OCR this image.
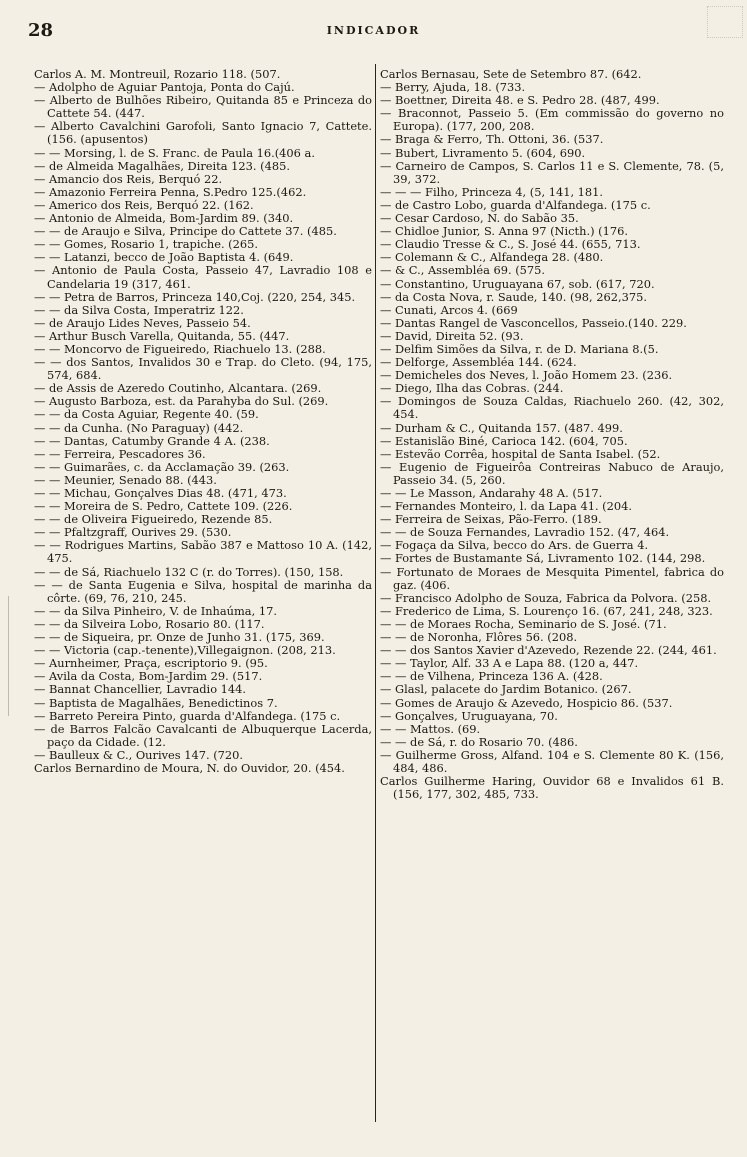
28	INDICADOR

Carlos A. M. Montreuil, Rozario 118. (507.

— Adolpho de Aguiar Pantoja, Ponta do Cajú.

— Alberto de Bulhões Ribeiro, Quitanda 85 e Princeza do Cattete 54. (447.

— Alberto Cavalchini Garofoli, Santo Ignacio 7, Cattete. (156. (apusentos)

— — Morsing, l. de S. Franc. de Paula 16.(406 a.

— de Almeida Magalhães, Direita 123. (485.

— Amancio dos Reis, Berquó 22.

— Amazonio Ferreira Penna, S.Pedro 125.(462.

— Americo dos Reis, Berquó 22. (162.

— Antonio de Almeida, Bom-Jardim 89. (340.

— — de Araujo e Silva, Principe do Cattete 37. (485.

— — Gomes, Rosario 1, trapiche. (265.

— — Latanzi, becco de João Baptista 4. (649.

— Antonio de Paula Costa, Passeio 47, Lavradio 108 e Candelaria 19 (317, 461.

— — Petra de Barros, Princeza 140,Coj. (220, 254, 345.

— — da Silva Costa, Imperatriz 122.

— de Araujo Lides Neves, Passeio 54.

— Arthur Busch Varella, Quitanda, 55. (447.

— — Moncorvo de Figueiredo, Riachuelo 13. (288.

— — dos Santos, Invalidos 30 e Trap. do Cleto. (94, 175, 574, 684.

— de Assis de Azeredo Coutinho, Alcantara. (269.

— Augusto Barboza, est. da Parahyba do Sul. (269.

— — da Costa Aguiar, Regente 40. (59.

— — da Cunha. (No Paraguay) (442.

— — Dantas, Catumby Grande 4 A. (238.

— — Ferreira, Pescadores 36.

— — Guimarães, c. da Acclamação 39. (263.

— — Meunier, Senado 88. (443.

— — Michau, Gonçalves Dias 48. (471, 473.

— — Moreira de S. Pedro, Cattete 109. (226.

— — de Oliveira Figueiredo, Rezende 85.

— — Pfaltzgraff, Ourives 29. (530.

— — Rodrigues Martins, Sabão 387 e Mattoso 10 A. (142, 475.

— — de Sá, Riachuelo 132 C (r. do Torres). (150, 158.

— — de Santa Eugenia e Silva, hospital de marinha da côrte. (69, 76, 210, 245.

— — da Silva Pinheiro, V. de Inhaúma, 17.

— — da Silveira Lobo, Rosario 80. (117.

— — de Siqueira, pr. Onze de Junho 31. (175, 369.

— — Victoria (cap.-tenente),Villegaignon. (208, 213.

— Aurnheimer, Praça, escriptorio 9. (95.

— Avila da Costa, Bom-Jardim 29. (517.

— Bannat Chancellier, Lavradio 144.

— Baptista de Magalhães, Benedictinos 7.

— Barreto Pereira Pinto, guarda d'Alfandega. (175 c.

— de Barros Falcão Cavalcanti de Albuquerque Lacerda, paço da Cidade. (12.

— Baulleux & C., Ourives 147. (720.

Carlos Bernardino de Moura, N. do Ouvidor, 20. (454.

Carlos Bernasau, Sete de Setembro 87. (642.

— Berry, Ajuda, 18. (733.

— Boettner, Direita 48. e S. Pedro 28. (487, 499.

— Braconnot, Passeio 5. (Em commissão do governo no Europa). (177, 200, 208.

— Braga & Ferro, Th. Ottoni, 36. (537.

— Bubert, Livramento 5. (604, 690.

— Carneiro de Campos, S. Carlos 11 e S. Clemente, 78. (5, 39, 372.

— — — Filho, Princeza 4, (5, 141, 181.

— de Castro Lobo, guarda d'Alfandega. (175 c.

— Cesar Cardoso, N. do Sabão 35.

— Chidloe Junior, S. Anna 97 (Nicth.) (176.

— Claudio Tresse & C., S. José 44. (655, 713.

— Colemann & C., Alfandega 28. (480.

— & C., Assembléa 69. (575.

— Constantino, Uruguayana 67, sob. (617, 720.

— da Costa Nova, r. Saude, 140. (98, 262,375.

— Cunati, Arcos 4. (669

— Dantas Rangel de Vasconcellos, Passeio.(140. 229.

— David, Direita 52. (93.

— Delfim Simões da Silva, r. de D. Mariana 8.(5.

— Delforge, Assembléa 144. (624.

— Demicheles dos Neves, l. João Homem 23. (236.

— Diego, Ilha das Cobras. (244.

— Domingos de Souza Caldas, Riachuelo 260. (42, 302, 454.

— Durham & C., Quitanda 157. (487. 499.

— Estanislão Biné, Carioca 142. (604, 705.

— Estevão Corrêa, hospital de Santa Isabel. (52.

— Eugenio de Figueirôa Contreiras Nabuco de Araujo, Passeio 34. (5, 260.

— — Le Masson, Andarahy 48 A. (517.

— Fernandes Monteiro, l. da Lapa 41. (204.

— Ferreira de Seixas, Pão-Ferro. (189.

— — de Souza Fernandes, Lavradio 152. (47, 464.

— Fogaça da Silva, becco do Ars. de Guerra 4.

— Fortes de Bustamante Sá, Livramento 102. (144, 298.

— Fortunato de Moraes de Mesquita Pimentel, fabrica do gaz. (406.

— Francisco Adolpho de Souza, Fabrica da Polvora. (258.

— Frederico de Lima, S. Lourenço 16. (67, 241, 248, 323.

— — de Moraes Rocha, Seminario de S. José. (71.

— — de Noronha, Flôres 56. (208.

— — dos Santos Xavier d'Azevedo, Rezende 22. (244, 461.

— — Taylor, Alf. 33 A e Lapa 88. (120 a, 447.

— — de Vilhena, Princeza 136 A. (428.

— Glasl, palacete do Jardim Botanico. (267.

— Gomes de Araujo & Azevedo, Hospicio 86. (537.

— Gonçalves, Uruguayana, 70.

— — Mattos. (69.

— — de Sá, r. do Rosario 70. (486.

— Guilherme Gross, Alfand. 104 e S. Clemente 80 K. (156, 484, 486.

Carlos Guilherme Haring, Ouvidor 68 e Invalidos 61 B. (156, 177, 302, 485, 733.
